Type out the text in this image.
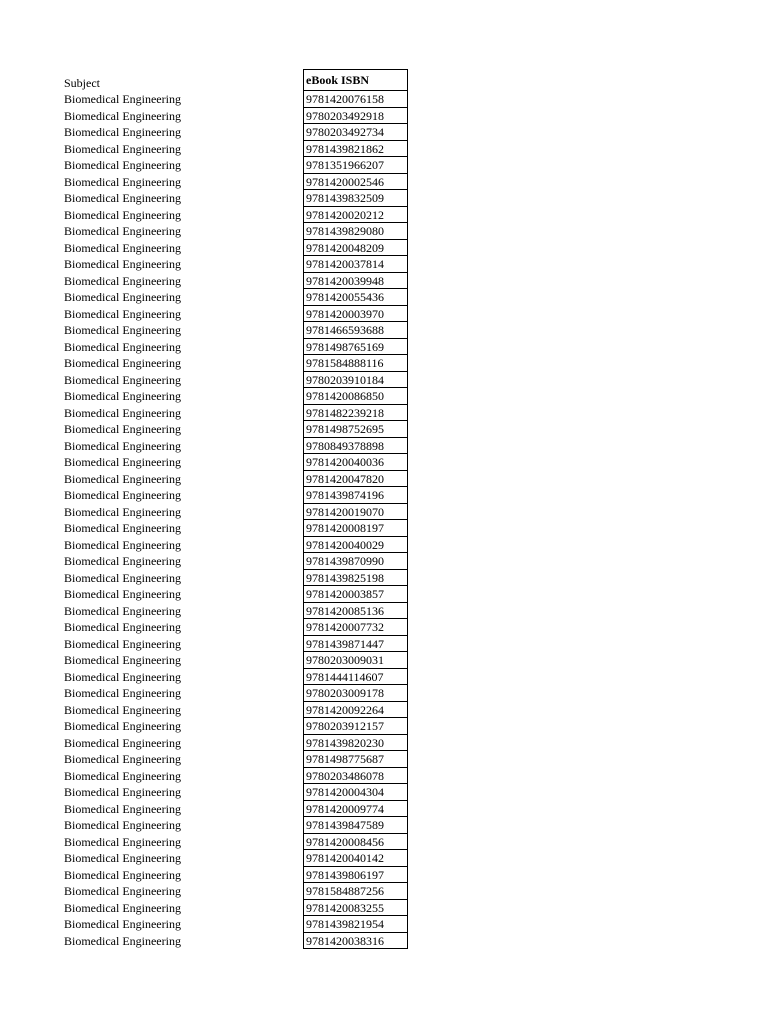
Subject	eBook ISBN
Biomedical Engineering	9781420076158
Biomedical Engineering	9780203492918
Biomedical Engineering	9780203492734
Biomedical Engineering	9781439821862
Biomedical Engineering	9781351966207
Biomedical Engineering	9781420002546
Biomedical Engineering	9781439832509
Biomedical Engineering	9781420020212
Biomedical Engineering	9781439829080
Biomedical Engineering	9781420048209
Biomedical Engineering	9781420037814
Biomedical Engineering	9781420039948
Biomedical Engineering	9781420055436
Biomedical Engineering	9781420003970
Biomedical Engineering	9781466593688
Biomedical Engineering	9781498765169
Biomedical Engineering	9781584888116
Biomedical Engineering	9780203910184
Biomedical Engineering	9781420086850
Biomedical Engineering	9781482239218
Biomedical Engineering	9781498752695
Biomedical Engineering	9780849378898
Biomedical Engineering	9781420040036
Biomedical Engineering	9781420047820
Biomedical Engineering	9781439874196
Biomedical Engineering	9781420019070
Biomedical Engineering	9781420008197
Biomedical Engineering	9781420040029
Biomedical Engineering	9781439870990
Biomedical Engineering	9781439825198
Biomedical Engineering	9781420003857
Biomedical Engineering	9781420085136
Biomedical Engineering	9781420007732
Biomedical Engineering	9781439871447
Biomedical Engineering	9780203009031
Biomedical Engineering	9781444114607
Biomedical Engineering	9780203009178
Biomedical Engineering	9781420092264
Biomedical Engineering	9780203912157
Biomedical Engineering	9781439820230
Biomedical Engineering	9781498775687
Biomedical Engineering	9780203486078
Biomedical Engineering	9781420004304
Biomedical Engineering	9781420009774
Biomedical Engineering	9781439847589
Biomedical Engineering	9781420008456
Biomedical Engineering	9781420040142
Biomedical Engineering	9781439806197
Biomedical Engineering	9781584887256
Biomedical Engineering	9781420083255
Biomedical Engineering	9781439821954
Biomedical Engineering	9781420038316
